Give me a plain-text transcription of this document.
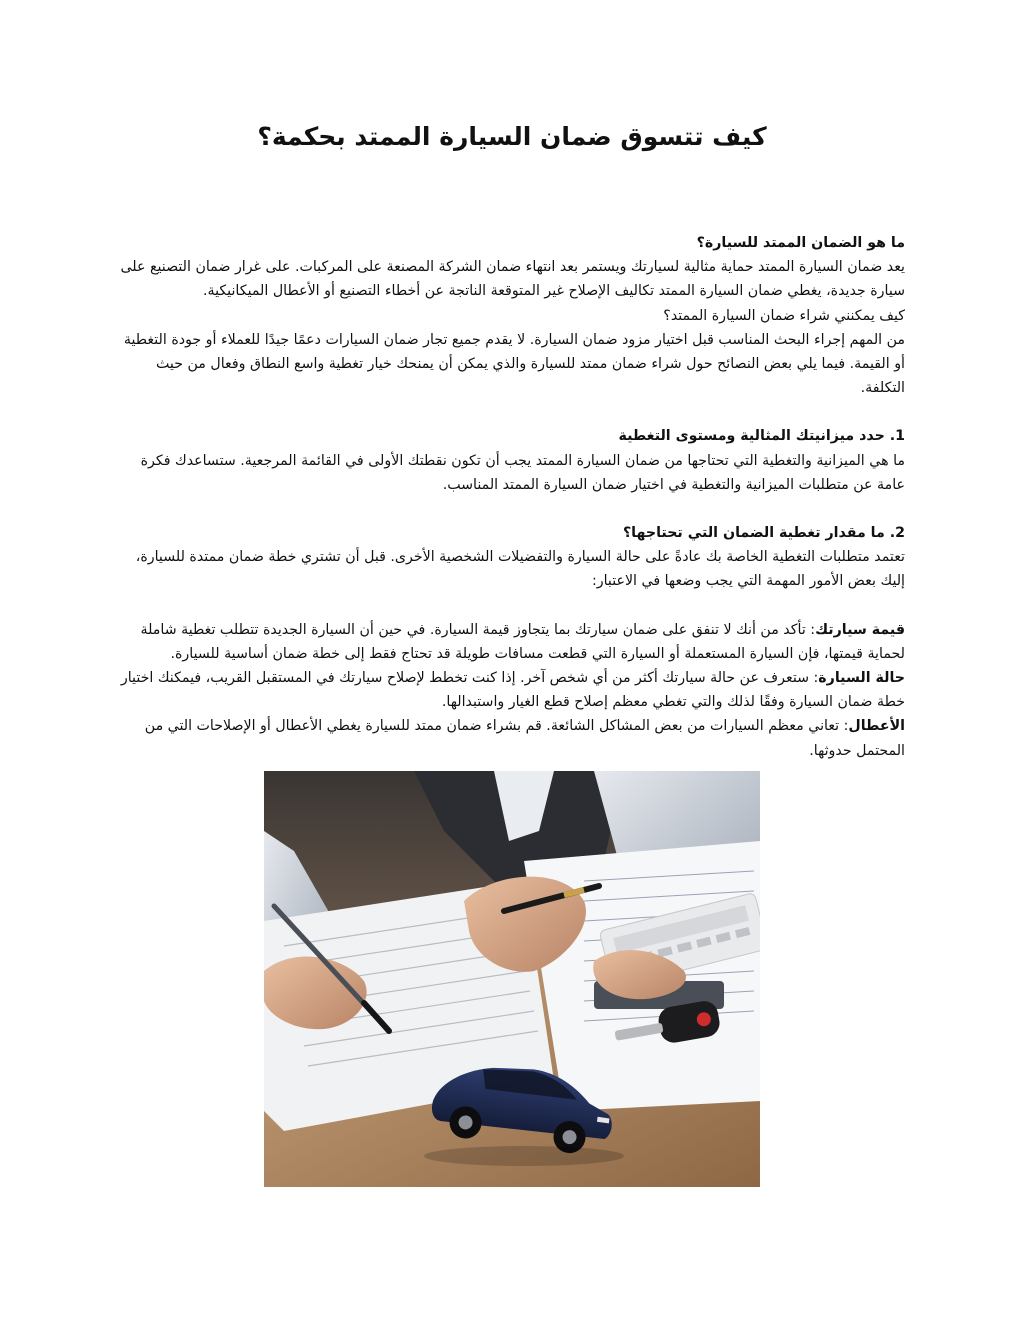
كيف تتسوق ضمان السيارة الممتد بحكمة؟
ما هو الضمان الممتد للسيارة؟

يعد ضمان السيارة الممتد حماية مثالية لسيارتك ويستمر بعد انتهاء ضمان الشركة المصنعة على المركبات. على غرار ضمان التصنيع على سيارة جديدة، يغطي ضمان السيارة الممتد تكاليف الإصلاح غير المتوقعة الناتجة عن أخطاء التصنيع أو الأعطال الميكانيكية.

كيف يمكنني شراء ضمان السيارة الممتد؟

من المهم إجراء البحث المناسب قبل اختيار مزود ضمان السيارة. لا يقدم جميع تجار ضمان السيارات دعمًا جيدًا للعملاء أو جودة التغطية أو القيمة. فيما يلي بعض النصائح حول شراء ضمان ممتد للسيارة والذي يمكن أن يمنحك خيار تغطية واسع النطاق وفعال من حيث التكلفة.

1. حدد ميزانيتك المثالية ومستوى التغطية

ما هي الميزانية والتغطية التي تحتاجها من ضمان السيارة الممتد يجب أن تكون نقطتك الأولى في القائمة المرجعية. ستساعدك فكرة عامة عن متطلبات الميزانية والتغطية في اختيار ضمان السيارة الممتد المناسب.

2. ما مقدار تغطية الضمان التي تحتاجها؟

تعتمد متطلبات التغطية الخاصة بك عادةً على حالة السيارة والتفضيلات الشخصية الأخرى. قبل أن تشتري خطة ضمان ممتدة للسيارة، إليك بعض الأمور المهمة التي يجب وضعها في الاعتبار:

قيمة سيارتك: تأكد من أنك لا تنفق على ضمان سيارتك بما يتجاوز قيمة السيارة. في حين أن السيارة الجديدة تتطلب تغطية شاملة لحماية قيمتها، فإن السيارة المستعملة أو السيارة التي قطعت مسافات طويلة قد تحتاج فقط إلى خطة ضمان أساسية للسيارة.

حالة السيارة: ستعرف عن حالة سيارتك أكثر من أي شخص آخر. إذا كنت تخطط لإصلاح سيارتك في المستقبل القريب، فيمكنك اختيار خطة ضمان السيارة وفقًا لذلك والتي تغطي معظم إصلاح قطع الغيار واستبدالها.

الأعطال: تعاني معظم السيارات من بعض المشاكل الشائعة. قم بشراء ضمان ممتد للسيارة يغطي الأعطال أو الإصلاحات التي من المحتمل حدوثها.
